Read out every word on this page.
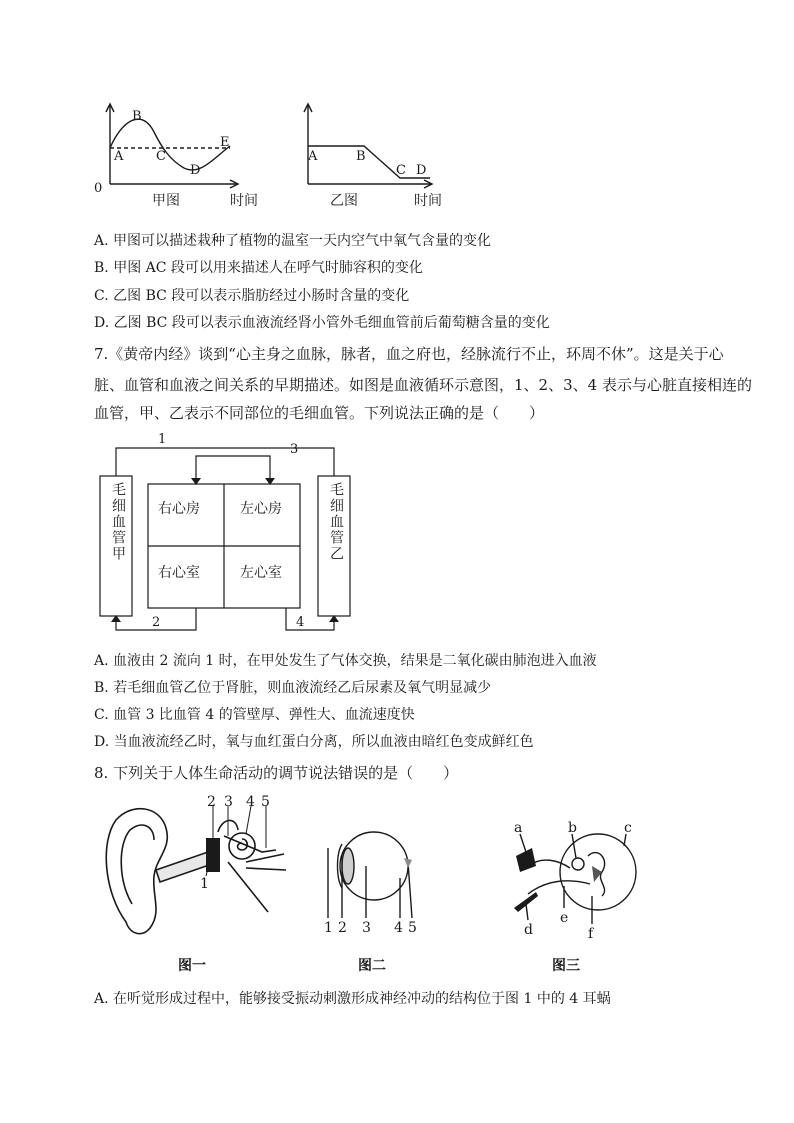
0
A
B
C
D
E
甲图	时间
A	B
C D
乙图	时间
A. 甲图可以描述栽种了植物的温室一天内空气中氧气含量的变化
B. 甲图 AC 段可以用来描述人在呼气时肺容积的变化
C. 乙图 BC 段可以表示脂肪经过小肠时含量的变化
D. 乙图 BC 段可以表示血液流经肾小管外毛细血管前后葡萄糖含量的变化
7.《黄帝内经》谈到“心主身之血脉，脉者，血之府也，经脉流行不止，环周不休”。这是关于心
脏、血管和血液之间关系的早期描述。如图是血液循环示意图，1、2、3、4 表示与心脏直接相连的
血管，甲、乙表示不同部位的毛细血管。下列说法正确的是（　　）
1
2
3
4
毛细血管甲	毛细血管乙
右心房	左心房
右心室	左心室
A. 血液由 2 流向 1 时，在甲处发生了气体交换，结果是二氧化碳由肺泡进入血液
B. 若毛细血管乙位于肾脏，则血液流经乙后尿素及氧气明显减少
C. 血管 3 比血管 4 的管壁厚、弹性大、血流速度快
D. 当血液流经乙时，氧与血红蛋白分离，所以血液由暗红色变成鲜红色
8. 下列关于人体生命活动的调节说法错误的是（　　）
2 3 4 5
1
图一
1 2 3 4 5
图二
a	b	c
d
e
f
图三
A. 在听觉形成过程中，能够接受振动刺激形成神经冲动的结构位于图 1 中的 4 耳蜗
